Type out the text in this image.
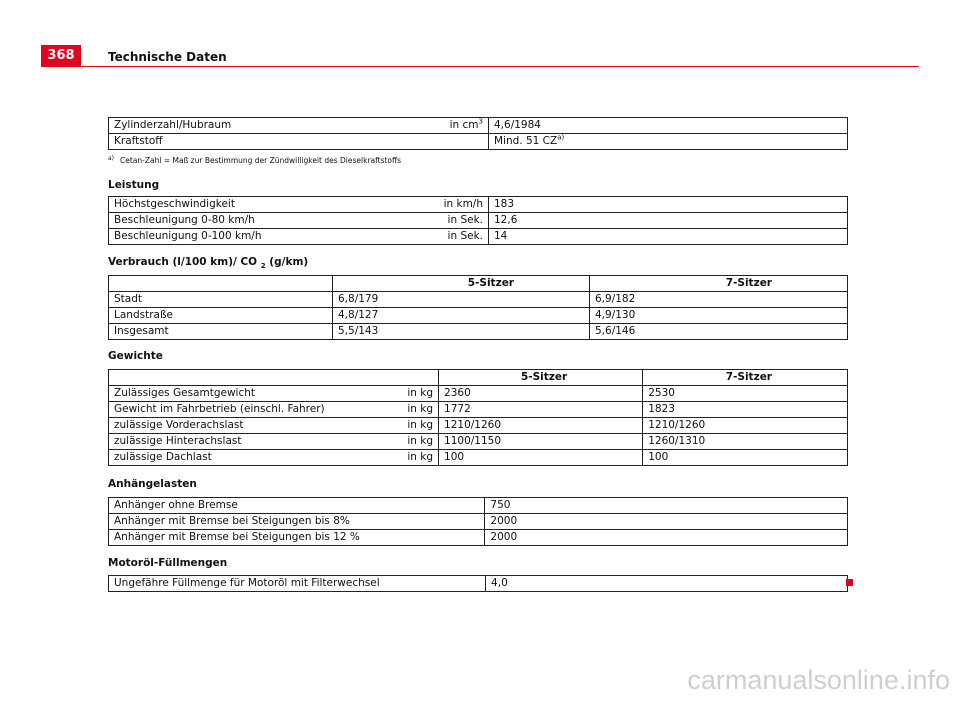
368	Technische Daten
Zylinderzahl/Hubraum	in $cm^3$	4,6/1984
Kraftstoff		Mind. 51 CZ$^{a)}$
$^{a)}$ Cetan-Zahl = Maß zur Bestimmung der Zündwilligkeit des Dieselkraftstoffs
Leistung
Höchstgeschwindigkeit	in km/h	183
Beschleunigung 0-80 km/h	in Sek.	12,6
Beschleunigung 0-100 km/h	in Sek.	14
Verbrauch (l/100 km)/ CO $_2$ (g/km)
	5-Sitzer	7-Sitzer
Stadt	6,8/179	6,9/182
Landstraße	4,8/127	4,9/130
Insgesamt	5,5/143	5,6/146
Gewichte
		5-Sitzer	7-Sitzer
Zulässiges Gesamtgewicht	in kg	2360	2530
Gewicht im Fahrbetrieb (einschl. Fahrer)	in kg	1772	1823
zulässige Vorderachslast	in kg	1210/1260	1210/1260
zulässige Hinterachslast	in kg	1100/1150	1260/1310
zulässige Dachlast	in kg	100	100
Anhängelasten
Anhänger ohne Bremse		750	
Anhänger mit Bremse bei Steigungen bis 8%		2000	
Anhänger mit Bremse bei Steigungen bis 12 %		2000	

Motoröl-Füllmengen
Ungefähre Füllmenge für Motoröl mit Filterwechsel		4,0	

carmanualsonline.info
